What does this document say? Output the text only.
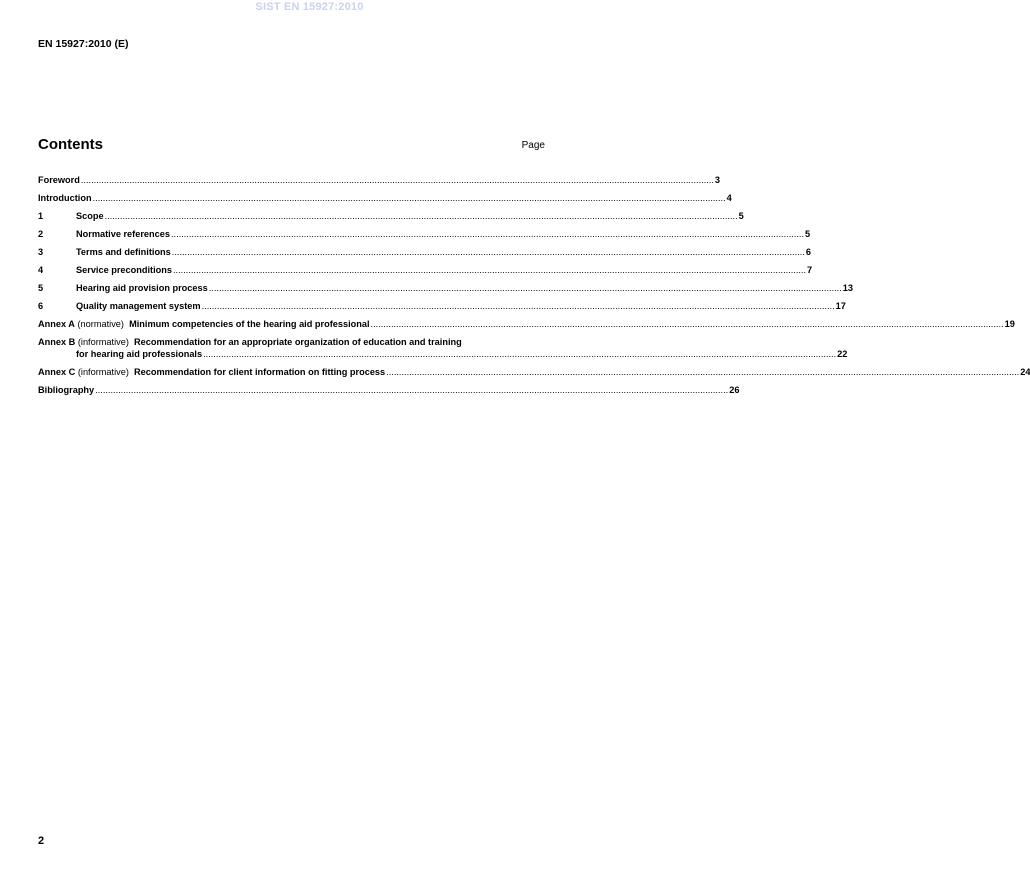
SIST EN 15927:2010
EN 15927:2010 (E)
Contents	Page
Foreword .....	3
Introduction .....	4
1	Scope .....	5
2	Normative references .....	5
3	Terms and definitions .....	6
4	Service preconditions .....	7
5	Hearing aid provision process .....	13
6	Quality management system .....	17
Annex A (normative) Minimum competencies of the hearing aid professional .....	19
Annex B (informative) Recommendation for an appropriate organization of education and training
for hearing aid professionals .....	22
Annex C (informative) Recommendation for client information on fitting process .....	24
Bibliography .....	26
2
